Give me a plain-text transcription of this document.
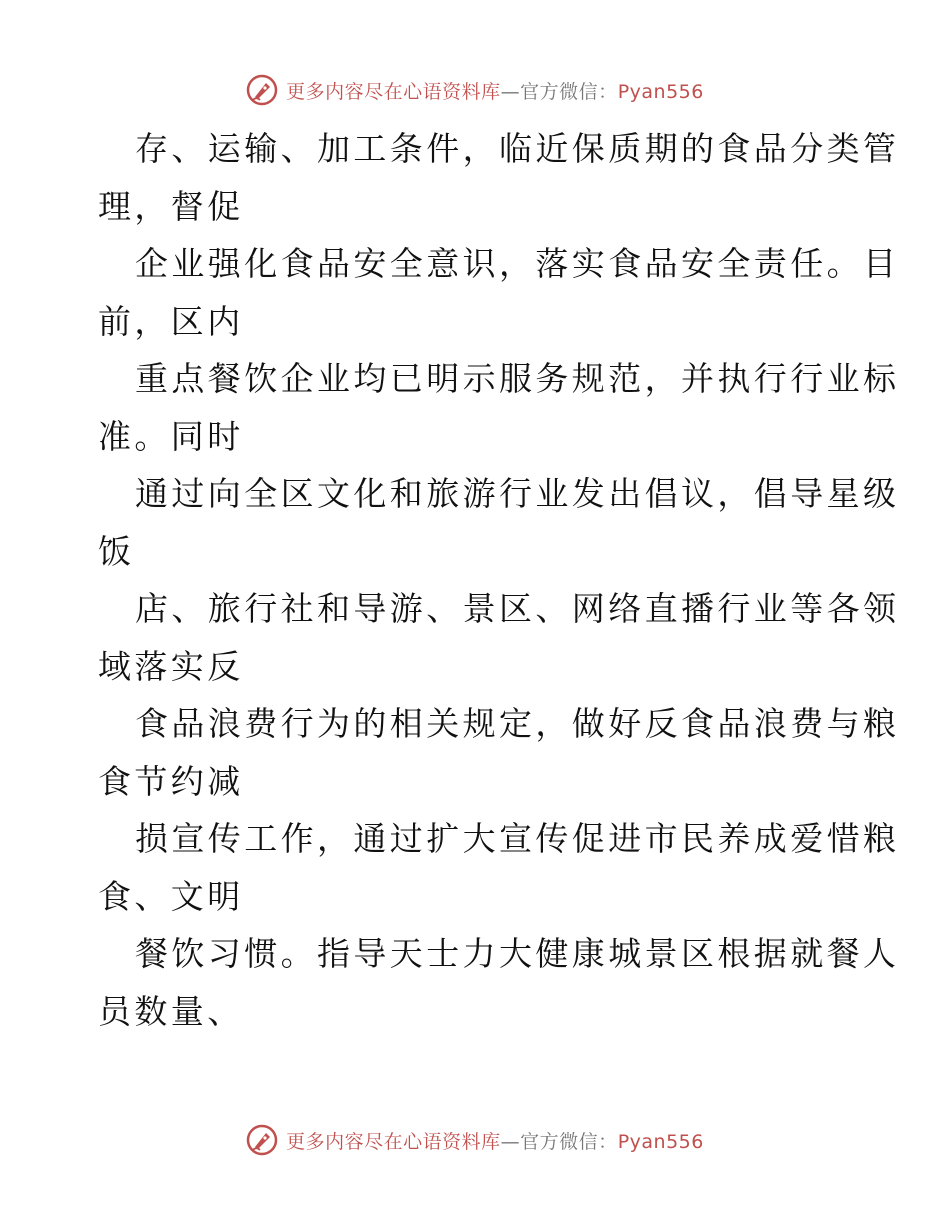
更多内容尽在心语资料库—官方微信：Pyan556

存、运输、加工条件，临近保质期的食品分类管
理，督促

企业强化食品安全意识，落实食品安全责任。目
前，区内

重点餐饮企业均已明示服务规范，并执行行业标
准。同时

通过向全区文化和旅游行业发出倡议，倡导星级
饭

店、旅行社和导游、景区、网络直播行业等各领
域落实反

食品浪费行为的相关规定，做好反食品浪费与粮
食节约减

损宣传工作，通过扩大宣传促进市民养成爱惜粮
食、文明

餐饮习惯。指导天士力大健康城景区根据就餐人
员数量、

更多内容尽在心语资料库—官方微信：Pyan556
